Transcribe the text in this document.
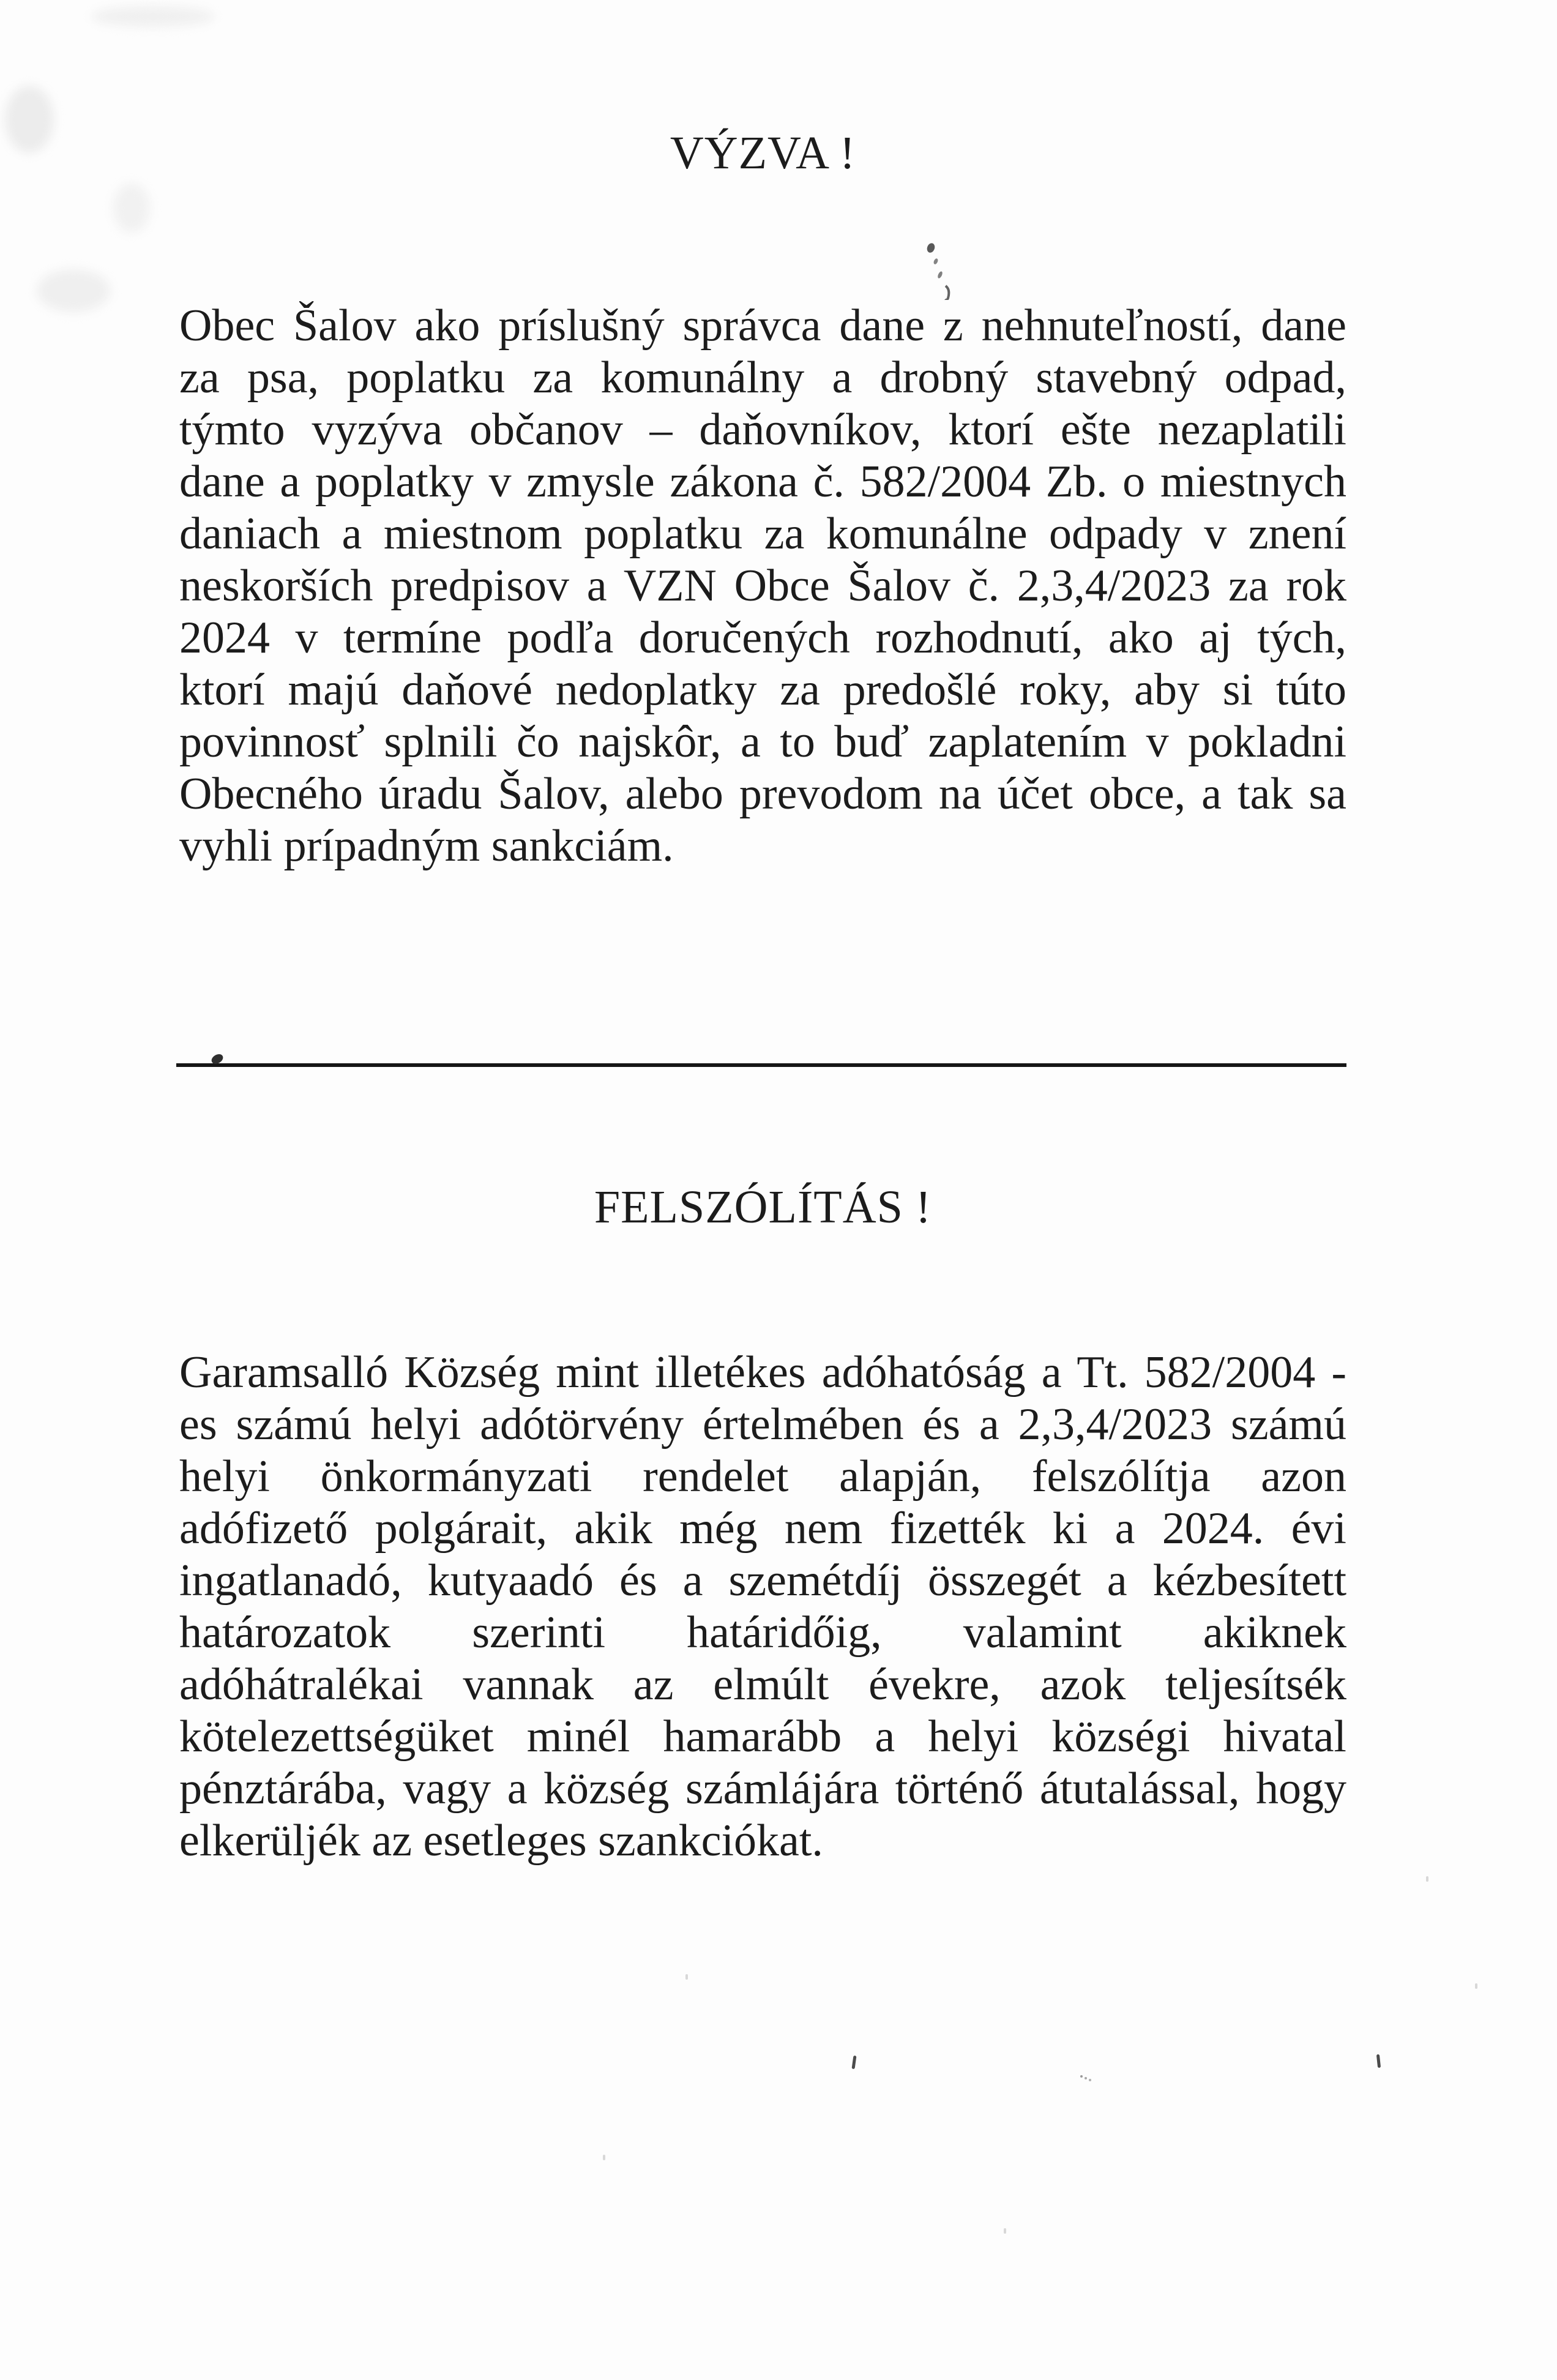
VÝZVA !
Obec Šalov ako príslušný správca dane z nehnuteľností, dane
za psa, poplatku za komunálny a drobný stavebný odpad,
týmto vyzýva občanov – daňovníkov, ktorí ešte nezaplatili
dane a poplatky v zmysle zákona č. 582/2004 Zb. o miestnych
daniach a miestnom poplatku za komunálne odpady v znení
neskorších predpisov a VZN Obce Šalov č. 2,3,4/2023 za rok
2024 v termíne podľa doručených rozhodnutí, ako aj tých,
ktorí majú daňové nedoplatky za predošlé roky, aby si túto
povinnosť splnili čo najskôr, a to buď zaplatením v pokladni
Obecného úradu Šalov, alebo prevodom na účet obce, a tak sa
vyhli prípadným sankciám.
FELSZÓLÍTÁS !
Garamsalló Község mint illetékes adóhatóság a Tt. 582/2004 -
es számú helyi adótörvény értelmében és a 2,3,4/2023 számú
helyi önkormányzati rendelet alapján, felszólítja azon
adófizető polgárait, akik még nem fizették ki a 2024. évi
ingatlanadó, kutyaadó és a szemétdíj összegét a kézbesített
határozatok szerinti határidőig, valamint akiknek
adóhátralékai vannak az elmúlt évekre, azok teljesítsék
kötelezettségüket minél hamarább a helyi községi hivatal
pénztárába, vagy a község számlájára történő átutalással, hogy
elkerüljék az esetleges szankciókat.
